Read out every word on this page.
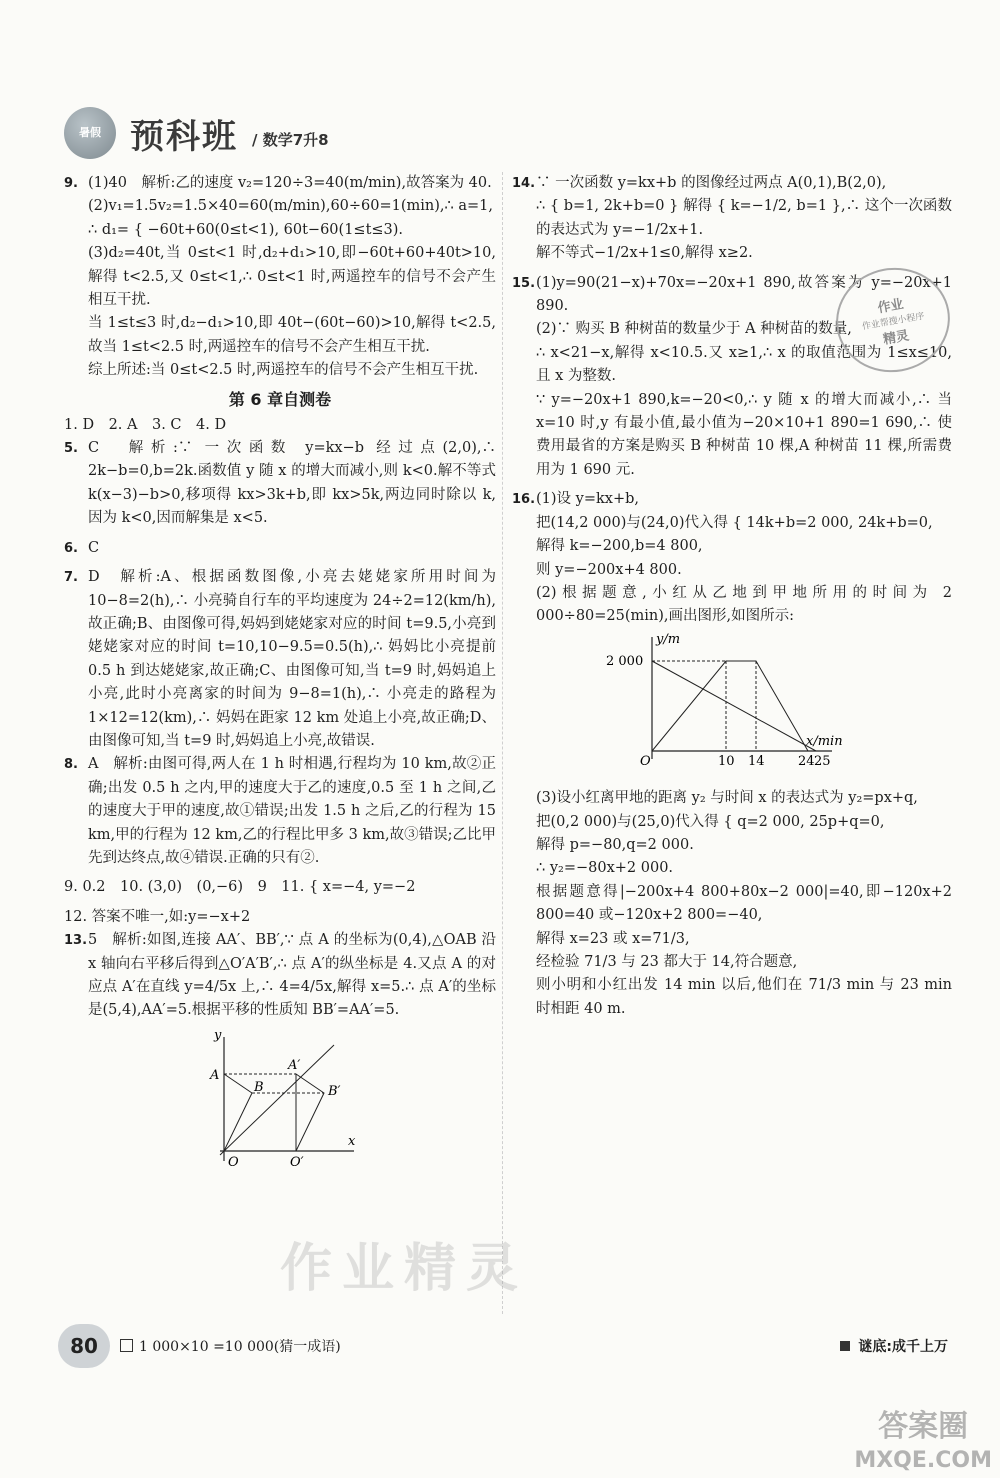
暑假 预科班 / 数学7升8
9. (1)40　解析:乙的速度 v₂=120÷3=40(m/min),故答案为 40.
(2)v₁=1.5v₂=1.5×40=60(m/min),60÷60=1(min),∴ a=1,
∴ d₁= { −60t+60(0≤t<1), 60t−60(1≤t≤3).
(3)d₂=40t,当 0≤t<1 时,d₂+d₁>10,即−60t+60+40t>10,解得 t<2.5,又 0≤t<1,∴ 0≤t<1 时,两遥控车的信号不会产生相互干扰.
当 1≤t≤3 时,d₂−d₁>10,即 40t−(60t−60)>10,解得 t<2.5,故当 1≤t<2.5 时,两遥控车的信号不会产生相互干扰.
综上所述:当 0≤t<2.5 时,两遥控车的信号不会产生相互干扰.
第 6 章自测卷
1. D　2. A　3. C　4. D
5. C　解析:∵ 一次函数 y=kx−b 经过点(2,0),∴ 2k−b=0,b=2k.函数值 y 随 x 的增大而减小,则 k<0.解不等式 k(x−3)−b>0,移项得 kx>3k+b,即 kx>5k,两边同时除以 k,因为 k<0,因而解集是 x<5.
6. C
7. D　解析:A、根据函数图像,小亮去姥姥家所用时间为 10−8=2(h),∴ 小亮骑自行车的平均速度为 24÷2=12(km/h),故正确;B、由图像可得,妈妈到姥姥家对应的时间 t=9.5,小亮到姥姥家对应的时间 t=10,10−9.5=0.5(h),∴ 妈妈比小亮提前 0.5 h 到达姥姥家,故正确;C、由图像可知,当 t=9 时,妈妈追上小亮,此时小亮离家的时间为 9−8=1(h),∴ 小亮走的路程为 1×12=12(km),∴ 妈妈在距家 12 km 处追上小亮,故正确;D、由图像可知,当 t=9 时,妈妈追上小亮,故错误.
8. A　解析:由图可得,两人在 1 h 时相遇,行程均为 10 km,故②正确;出发 0.5 h 之内,甲的速度大于乙的速度,0.5 至 1 h 之间,乙的速度大于甲的速度,故①错误;出发 1.5 h 之后,乙的行程为 15 km,甲的行程为 12 km,乙的行程比甲多 3 km,故③错误;乙比甲先到达终点,故④错误.正确的只有②.
9. 0.2　10. (3,0)　(0,−6)　9　11. { x=−4, y=−2
12. 答案不唯一,如:y=−x+2
13. 5　解析:如图,连接 AA′、BB′,∵ 点 A 的坐标为(0,4),△OAB 沿 x 轴向右平移后得到△O′A′B′,∴ 点 A′的纵坐标是 4.又点 A 的对应点 A′在直线 y=4/5x 上,∴ 4=4/5x,解得 x=5.∴ 点 A′的坐标是(5,4),AA′=5.根据平移的性质知 BB′=AA′=5.
y
x
A
A′
B	B′
O	O′
14. ∵ 一次函数 y=kx+b 的图像经过两点 A(0,1),B(2,0),
∴ { b=1, 2k+b=0 } 解得 { k=−1/2, b=1 },∴ 这个一次函数的表达式为 y=−1/2x+1.
解不等式−1/2x+1≤0,解得 x≥2.
15. (1)y=90(21−x)+70x=−20x+1 890,故答案为 y=−20x+1 890.
(2)∵ 购买 B 种树苗的数量少于 A 种树苗的数量,
∴ x<21−x,解得 x<10.5.又 x≥1,∴ x 的取值范围为 1≤x≤10,且 x 为整数.
∵ y=−20x+1 890,k=−20<0,∴ y 随 x 的增大而减小,∴ 当 x=10 时,y 有最小值,最小值为−20×10+1 890=1 690,∴ 使费用最省的方案是购买 B 种树苗 10 棵,A 种树苗 11 棵,所需费用为 1 690 元.
16. (1)设 y=kx+b,
把(14,2 000)与(24,0)代入得 { 14k+b=2 000, 24k+b=0,
解得 k=−200,b=4 800,
则 y=−200x+4 800.
(2)根据题意,小红从乙地到甲地所用的时间为 2 000÷80=25(min),画出图形,如图所示:
y/m
x/min
2 000
O	10 14	24 25
(3)设小红离甲地的距离 y₂ 与时间 x 的表达式为 y₂=px+q,
把(0,2 000)与(25,0)代入得 { q=2 000, 25p+q=0,
解得 p=−80,q=2 000.
∴ y₂=−80x+2 000.
根据题意得|−200x+4 800+80x−2 000|=40,即−120x+2 800=40 或−120x+2 800=−40,
解得 x=23 或 x=71/3,
经检验 71/3 与 23 都大于 14,符合题意,
则小明和小红出发 14 min 以后,他们在 71/3 min 与 23 min 时相距 40 m.
作业
作业帮搜小程序
精灵
作业精灵
80	1 000×10 =10 000(猜一成语)	谜底:成千上万
答案圈
MXQE.COM
